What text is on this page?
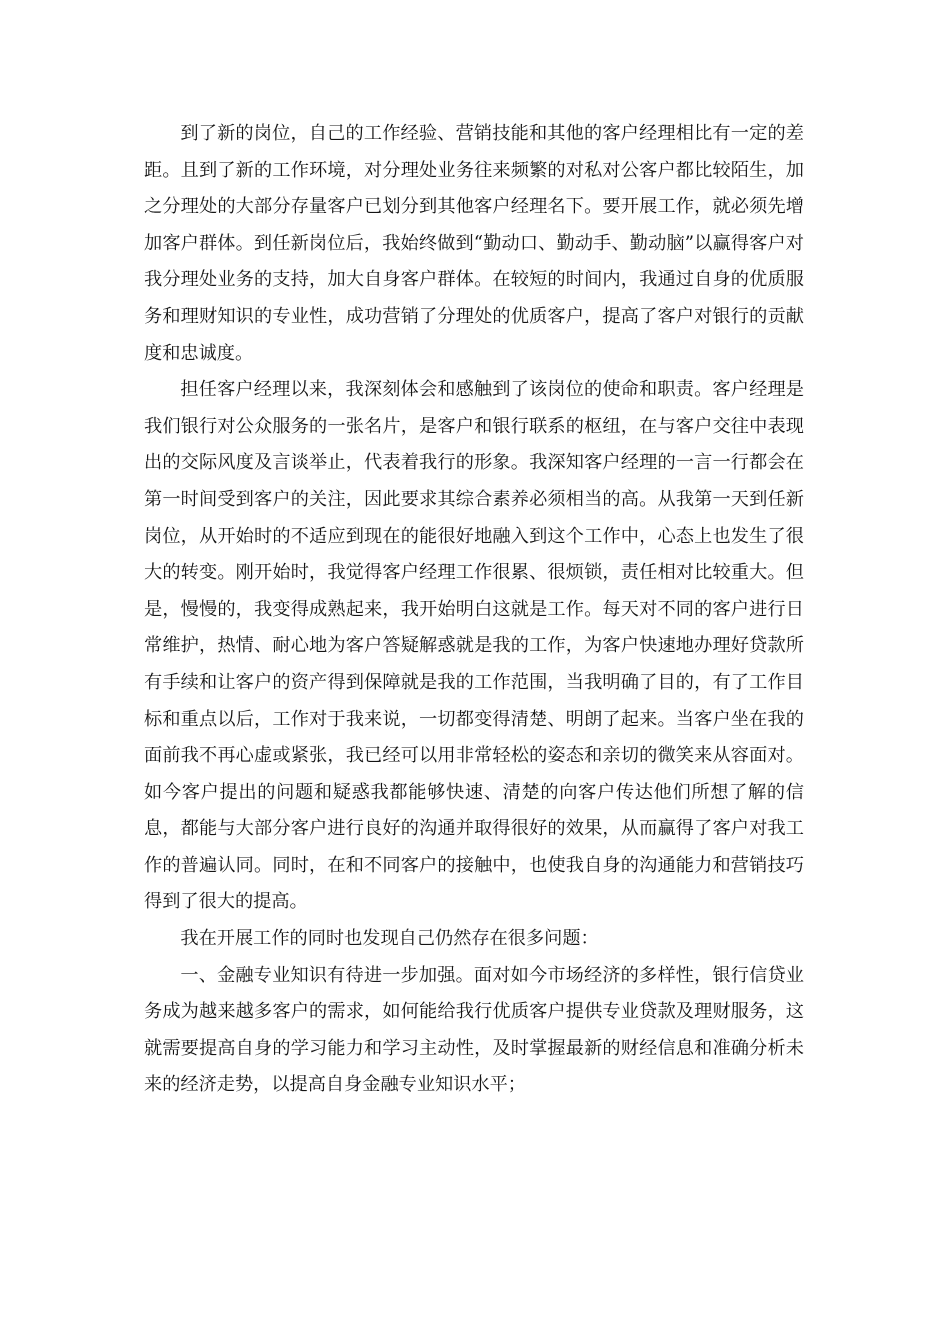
到了新的岗位，自己的工作经验、营销技能和其他的客户经理相比有一定的差距。且到了新的工作环境，对分理处业务往来频繁的对私对公客户都比较陌生，加之分理处的大部分存量客户已划分到其他客户经理名下。要开展工作，就必须先增加客户群体。到任新岗位后，我始终做到“勤动口、勤动手、勤动脑”以赢得客户对我分理处业务的支持，加大自身客户群体。在较短的时间内，我通过自身的优质服务和理财知识的专业性，成功营销了分理处的优质客户，提高了客户对银行的贡献度和忠诚度。

担任客户经理以来，我深刻体会和感触到了该岗位的使命和职责。客户经理是我们银行对公众服务的一张名片，是客户和银行联系的枢纽，在与客户交往中表现出的交际风度及言谈举止，代表着我行的形象。我深知客户经理的一言一行都会在第一时间受到客户的关注，因此要求其综合素养必须相当的高。从我第一天到任新岗位，从开始时的不适应到现在的能很好地融入到这个工作中，心态上也发生了很大的转变。刚开始时，我觉得客户经理工作很累、很烦锁，责任相对比较重大。但是，慢慢的，我变得成熟起来，我开始明白这就是工作。每天对不同的客户进行日常维护，热情、耐心地为客户答疑解惑就是我的工作，为客户快速地办理好贷款所有手续和让客户的资产得到保障就是我的工作范围，当我明确了目的，有了工作目标和重点以后，工作对于我来说，一切都变得清楚、明朗了起来。当客户坐在我的面前我不再心虚或紧张，我已经可以用非常轻松的姿态和亲切的微笑来从容面对。如今客户提出的问题和疑惑我都能够快速、清楚的向客户传达他们所想了解的信息，都能与大部分客户进行良好的沟通并取得很好的效果，从而赢得了客户对我工作的普遍认同。同时，在和不同客户的接触中，也使我自身的沟通能力和营销技巧得到了很大的提高。

我在开展工作的同时也发现自己仍然存在很多问题：

一、金融专业知识有待进一步加强。面对如今市场经济的多样性，银行信贷业务成为越来越多客户的需求，如何能给我行优质客户提供专业贷款及理财服务，这就需要提高自身的学习能力和学习主动性，及时掌握最新的财经信息和准确分析未来的经济走势，以提高自身金融专业知识水平；
